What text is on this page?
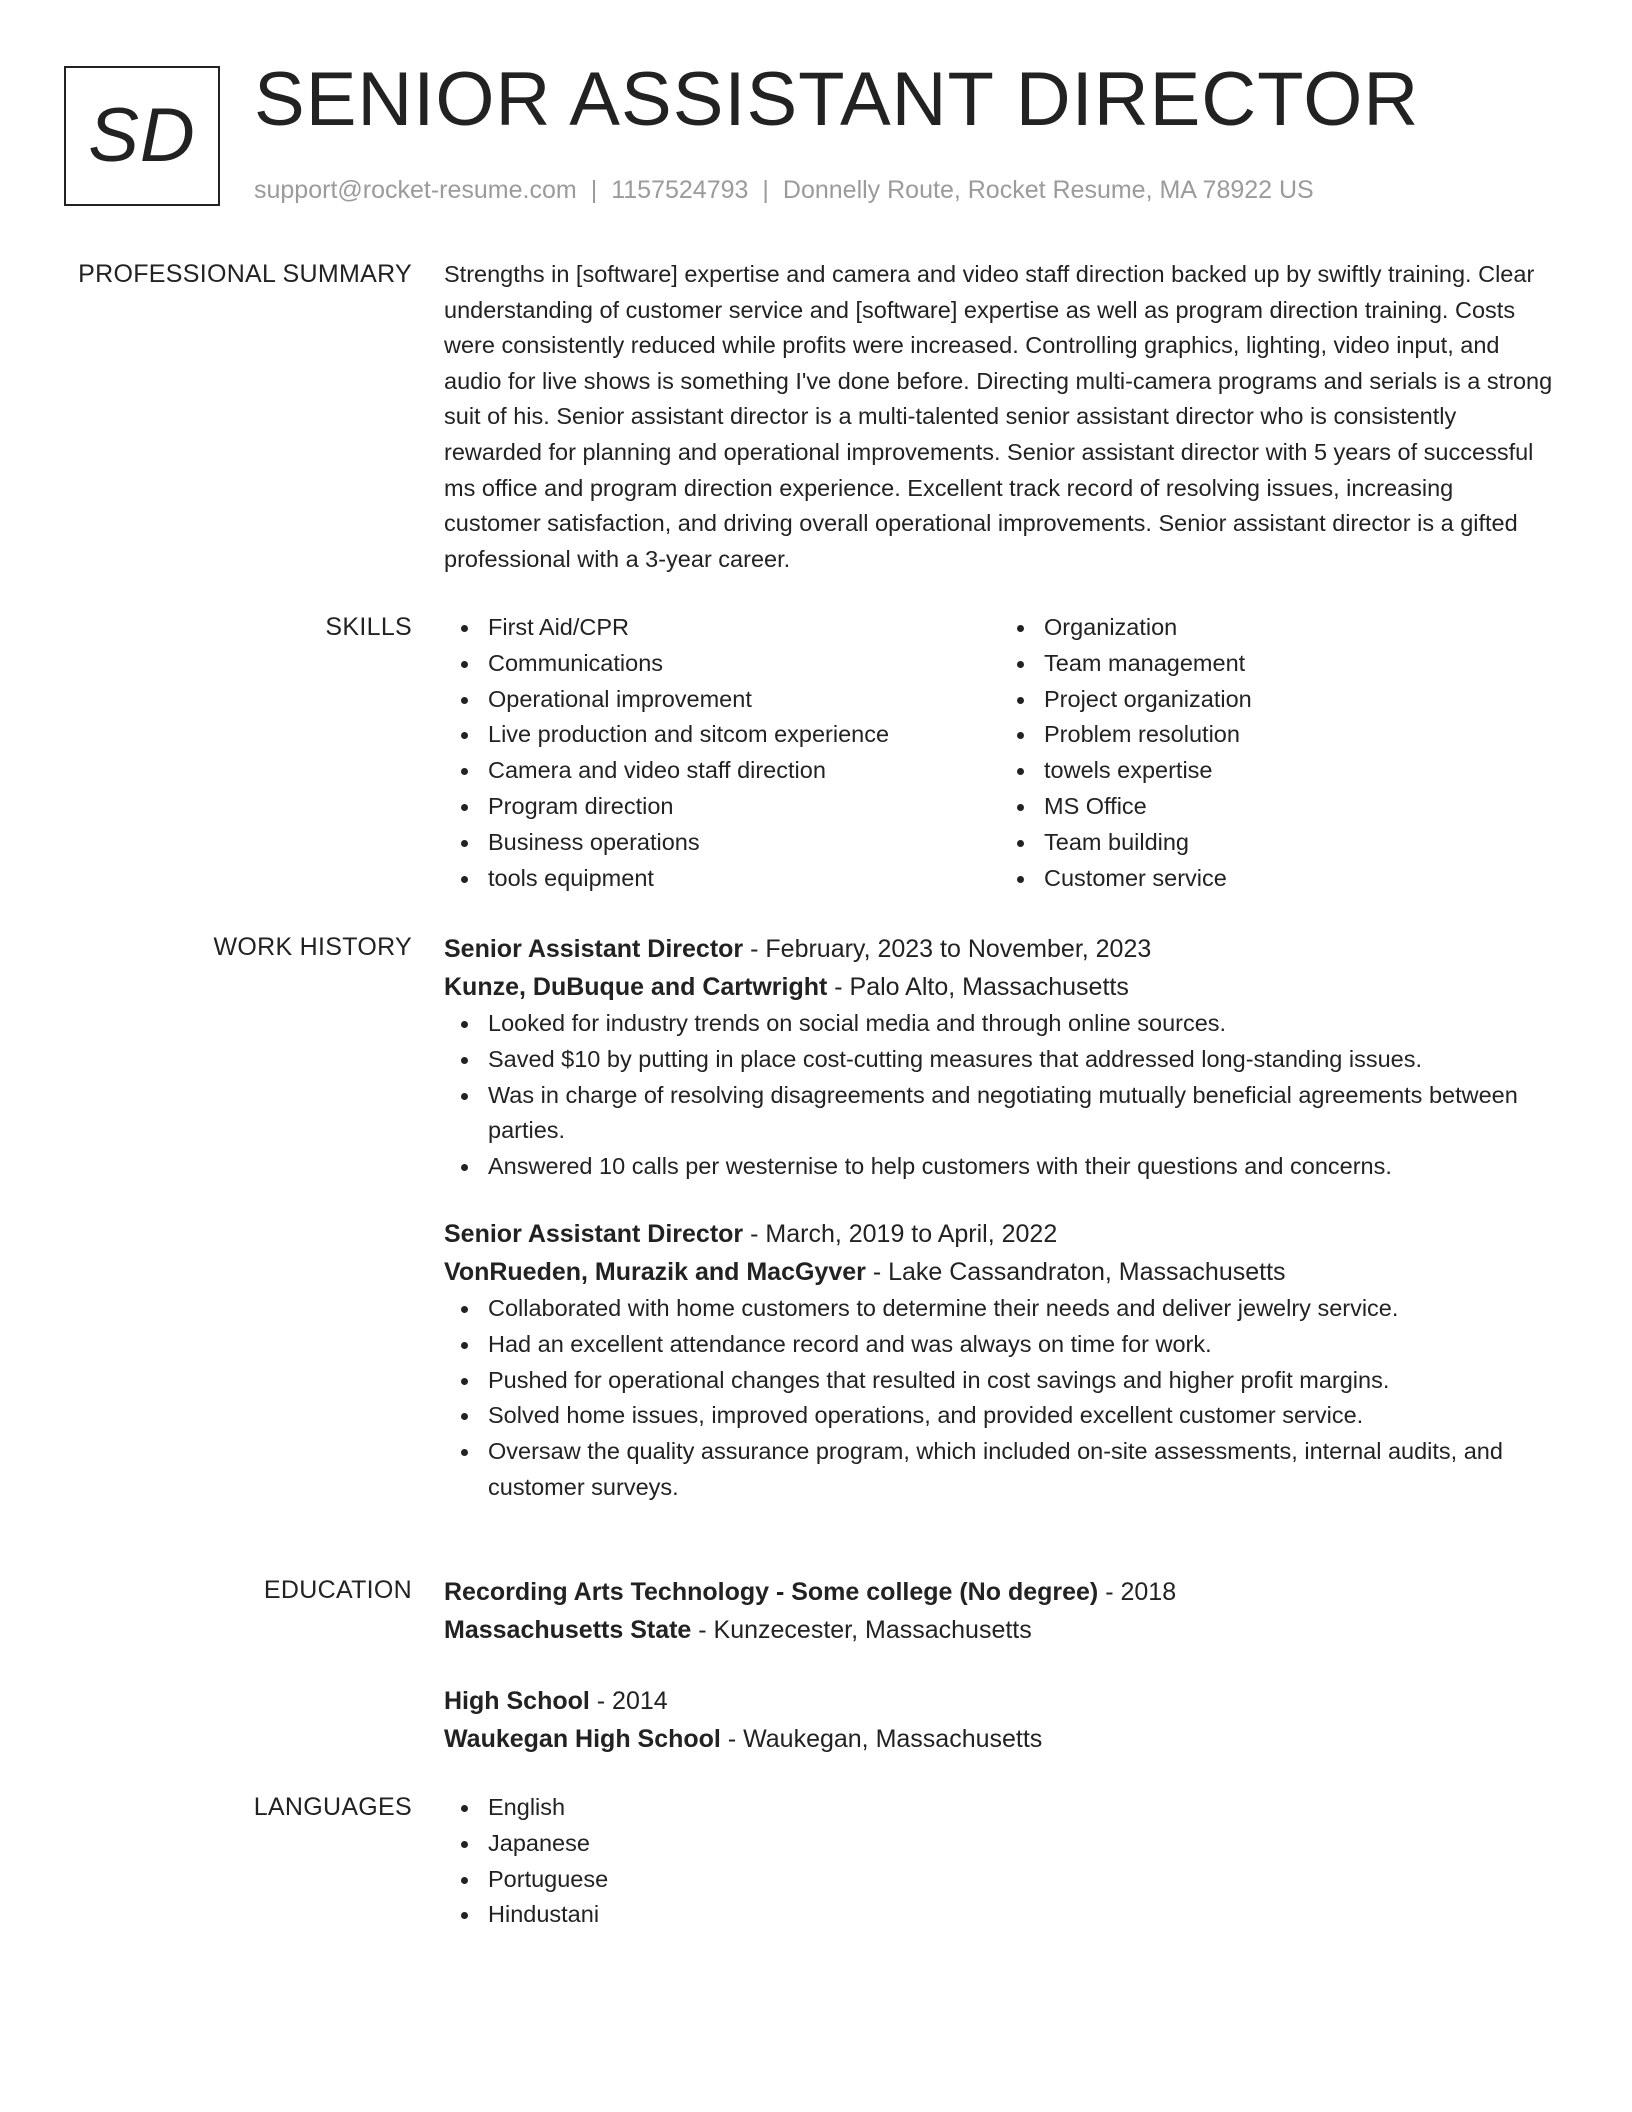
SD SENIOR ASSISTANT DIRECTOR
support@rocket-resume.com | 1157524793 | Donnelly Route, Rocket Resume, MA 78922 US
PROFESSIONAL SUMMARY Strengths in [software] expertise and camera and video staff direction backed up by swiftly training. Clear understanding of customer service and [software] expertise as well as program direction training. Costs were consistently reduced while profits were increased. Controlling graphics, lighting, video input, and audio for live shows is something I've done before. Directing multi-camera programs and serials is a strong suit of his. Senior assistant director is a multi-talented senior assistant director who is consistently rewarded for planning and operational improvements. Senior assistant director with 5 years of successful ms office and program direction experience. Excellent track record of resolving issues, increasing customer satisfaction, and driving overall operational improvements. Senior assistant director is a gifted professional with a 3-year career.

SKILLS	First Aid/CPR
Communications
Operational improvement
Live production and sitcom experience
Camera and video staff direction
Program direction
Business operations
tools equipment
Organization
Team management
Project organization
Problem resolution
towels expertise
MS Office
Team building
Customer service
WORK HISTORY Senior Assistant Director - February, 2023 to November, 2023
Kunze, DuBuque and Cartwright - Palo Alto, Massachusetts
Looked for industry trends on social media and through online sources.
Saved $10 by putting in place cost-cutting measures that addressed long-standing issues.
Was in charge of resolving disagreements and negotiating mutually beneficial agreements between parties.
Answered 10 calls per westernise to help customers with their questions and concerns.
Senior Assistant Director - March, 2019 to April, 2022
VonRueden, Murazik and MacGyver - Lake Cassandraton, Massachusetts
Collaborated with home customers to determine their needs and deliver jewelry service.
Had an excellent attendance record and was always on time for work.
Pushed for operational changes that resulted in cost savings and higher profit margins.
Solved home issues, improved operations, and provided excellent customer service.
Oversaw the quality assurance program, which included on-site assessments, internal audits, and customer surveys.
EDUCATION Recording Arts Technology - Some college (No degree) - 2018
Massachusetts State - Kunzecester, Massachusetts
High School - 2014
Waukegan High School - Waukegan, Massachusetts
LANGUAGES	English
Japanese
Portuguese
Hindustani
